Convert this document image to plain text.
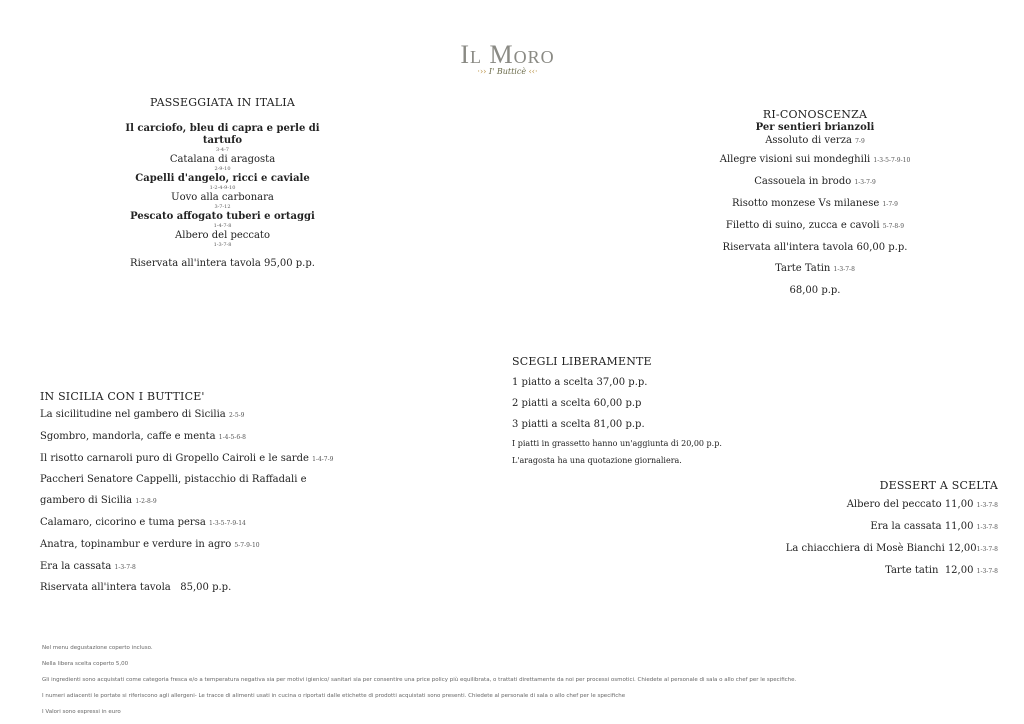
Il Moro
·›› I' Butticè ‹‹·
PASSEGGIATA IN ITALIA
Il carciofo, bleu di capra e perle di tartufo
3-4-7
Catalana di aragosta
2-9-10
Capelli d'angelo, ricci e caviale
1-2-4-9-10
Uovo alla carbonara
3-7-12
Pescato affogato tuberi e ortaggi
1-4-7-8
Albero del peccato
1-3-7-8
Riservata all'intera tavola 95,00 p.p.
RI-CONOSCENZA
Per sentieri brianzoli
Assoluto di verza 7-9
Allegre visioni sui mondeghili 1-3-5-7-9-10
Cassouela in brodo 1-3-7-9
Risotto monzese Vs milanese 1-7-9
Filetto di suino, zucca e cavoli 5-7-8-9
Riservata all'intera tavola 60,00 p.p.
Tarte Tatin 1-3-7-8
68,00 p.p.
SCEGLI LIBERAMENTE
1 piatto a scelta 37,00 p.p.
2 piatti a scelta 60,00 p.p
3 piatti a scelta 81,00 p.p.
I piatti in grassetto hanno un'aggiunta di 20,00 p.p.
L'aragosta ha una quotazione giornaliera.
IN SICILIA CON I BUTTICE'
La sicilitudine nel gambero di Sicilia 2-5-9
Sgombro, mandorla, caffe e menta 1-4-5-6-8
Il risotto carnaroli puro di Gropello Cairoli e le sarde 1-4-7-9
Paccheri Senatore Cappelli, pistacchio di Raffadali e
gambero di Sicilia 1-2-8-9
Calamaro, cicorino e tuma persa 1-3-5-7-9-14
Anatra, topinambur e verdure in agro 5-7-9-10
Era la cassata 1-3-7-8
Riservata all'intera tavola   85,00 p.p.
DESSERT A SCELTA
Albero del peccato 11,00 1-3-7-8
Era la cassata 11,00 1-3-7-8
La chiacchiera di Mosè Bianchi 12,001-3-7-8
Tarte tatin  12,00 1-3-7-8
Nel menu degustazione coperto incluso.
Nella libera scelta coperto 5,00
Gli ingredienti sono acquistati come categoria fresca e/o a temperatura negativa sia per motivi igienico/ sanitari sia per consentire una price policy più equilibrata, o trattati direttamente da noi per processi osmotici. Chiedete al personale di sala o allo chef per le specifiche.
I numeri adiacenti le portate si riferiscono agli allergeni- Le tracce di alimenti usati in cucina o riportati dalle etichette di prodotti acquistati sono presenti. Chiedete al personale di sala o allo chef per le specifiche
I Valori sono espressi in euro
